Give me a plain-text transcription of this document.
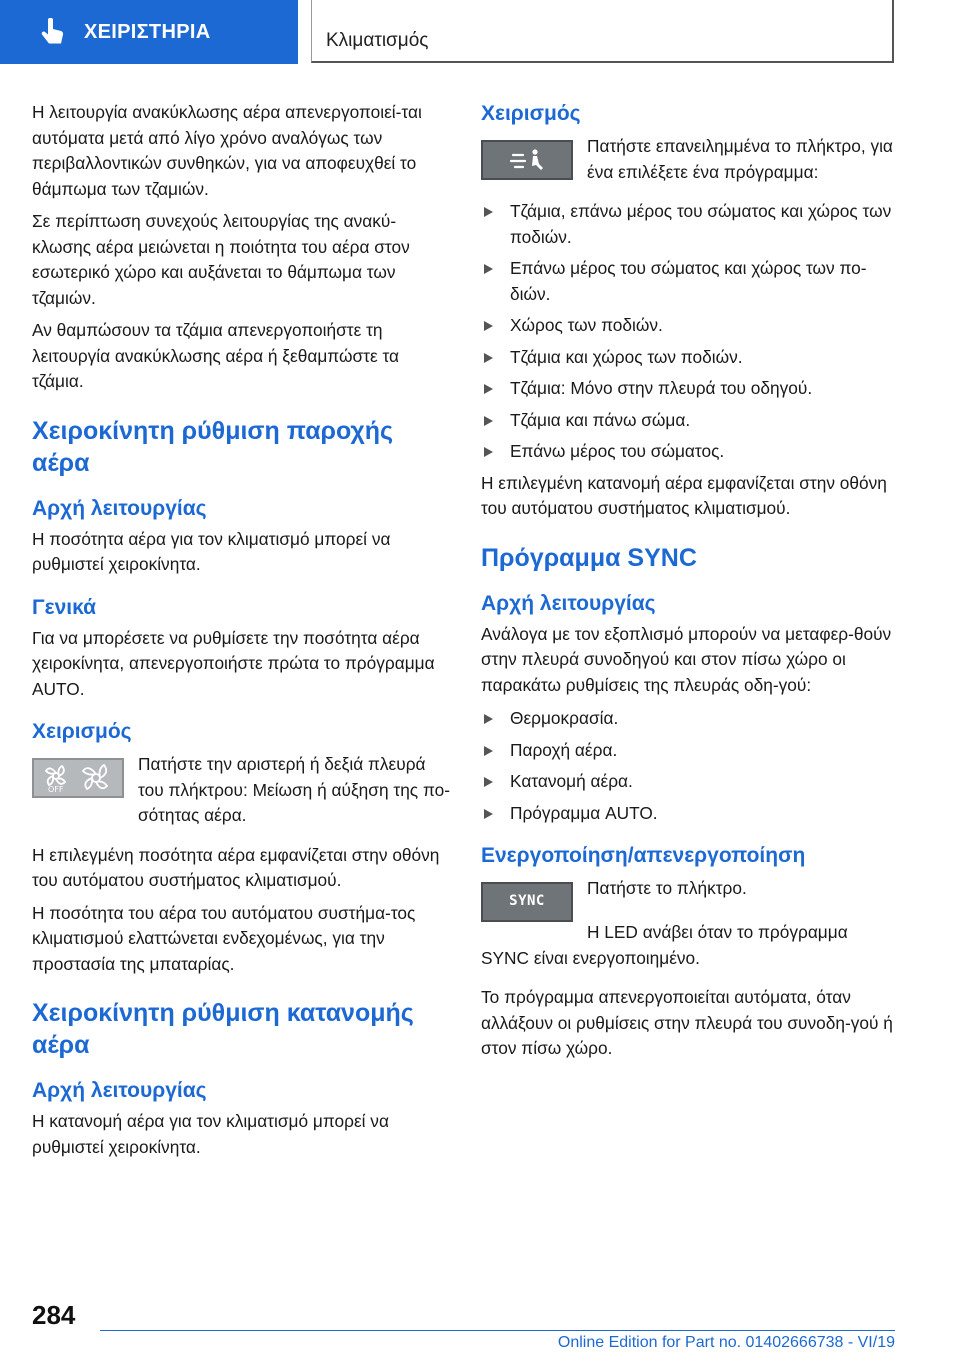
ΧΕΙΡΙΣΤΗΡΙΑ	Κλιματισμός

Η λειτουργία ανακύκλωσης αέρα απενεργοποιεί-ται αυτόματα μετά από λίγο χρόνο αναλόγως των περιβαλλοντικών συνθηκών, για να αποφευχθεί το θάμπωμα των τζαμιών.

Σε περίπτωση συνεχούς λειτουργίας της ανακύ-κλωσης αέρα μειώνεται η ποιότητα του αέρα στον εσωτερικό χώρο και αυξάνεται το θάμπωμα των τζαμιών.

Αν θαμπώσουν τα τζάμια απενεργοποιήστε τη λειτουργία ανακύκλωσης αέρα ή ξεθαμπώστε τα τζάμια.

Χειροκίνητη ρύθμιση παροχής αέρα
Αρχή λειτουργίας

Η ποσότητα αέρα για τον κλιματισμό μπορεί να ρυθμιστεί χειροκίνητα.

Γενικά

Για να μπορέσετε να ρυθμίσετε την ποσότητα αέρα χειροκίνητα, απενεργοποιήστε πρώτα το πρόγραμμα AUTO.

Χειρισμός
OFF
Πατήστε την αριστερή ή δεξιά πλευρά του πλήκτρου: Μείωση ή αύξηση της πο-σότητας αέρα.

Η επιλεγμένη ποσότητα αέρα εμφανίζεται στην οθόνη του αυτόματου συστήματος κλιματισμού.

Η ποσότητα του αέρα του αυτόματου συστήμα-τος κλιματισμού ελαττώνεται ενδεχομένως, για την προστασία της μπαταρίας.

Χειροκίνητη ρύθμιση κατανομής αέρα
Αρχή λειτουργίας

Η κατανομή αέρα για τον κλιματισμό μπορεί να ρυθμιστεί χειροκίνητα.

Χειρισμός
Πατήστε επανειλημμένα το πλήκτρο, για ένα επιλέξετε ένα πρόγραμμα:
Τζάμια, επάνω μέρος του σώματος και χώρος των ποδιών.
Επάνω μέρος του σώματος και χώρος των πο-διών.
Χώρος των ποδιών.
Τζάμια και χώρος των ποδιών.
Τζάμια: Μόνο στην πλευρά του οδηγού.
Τζάμια και πάνω σώμα.
Επάνω μέρος του σώματος.

Η επιλεγμένη κατανομή αέρα εμφανίζεται στην οθόνη του αυτόματου συστήματος κλιματισμού.

Πρόγραμμα SYNC
Αρχή λειτουργίας

Ανάλογα με τον εξοπλισμό μπορούν να μεταφερ-θούν στην πλευρά συνοδηγού και στον πίσω χώρο οι παρακάτω ρυθμίσεις της πλευράς οδη-γού:

Θερμοκρασία.
Παροχή αέρα.
Κατανομή αέρα.
Πρόγραμμα AUTO.
Ενεργοποίηση/απενεργοποίηση
SYNC

Πατήστε το πλήκτρο.

Η LED ανάβει όταν το πρόγραμμα SYNC είναι ενεργοποιημένο.

Το πρόγραμμα απενεργοποιείται αυτόματα, όταν αλλάξουν οι ρυθμίσεις στην πλευρά του συνοδη-γού ή στον πίσω χώρο.

284
Online Edition for Part no. 01402666738 - VI/19
